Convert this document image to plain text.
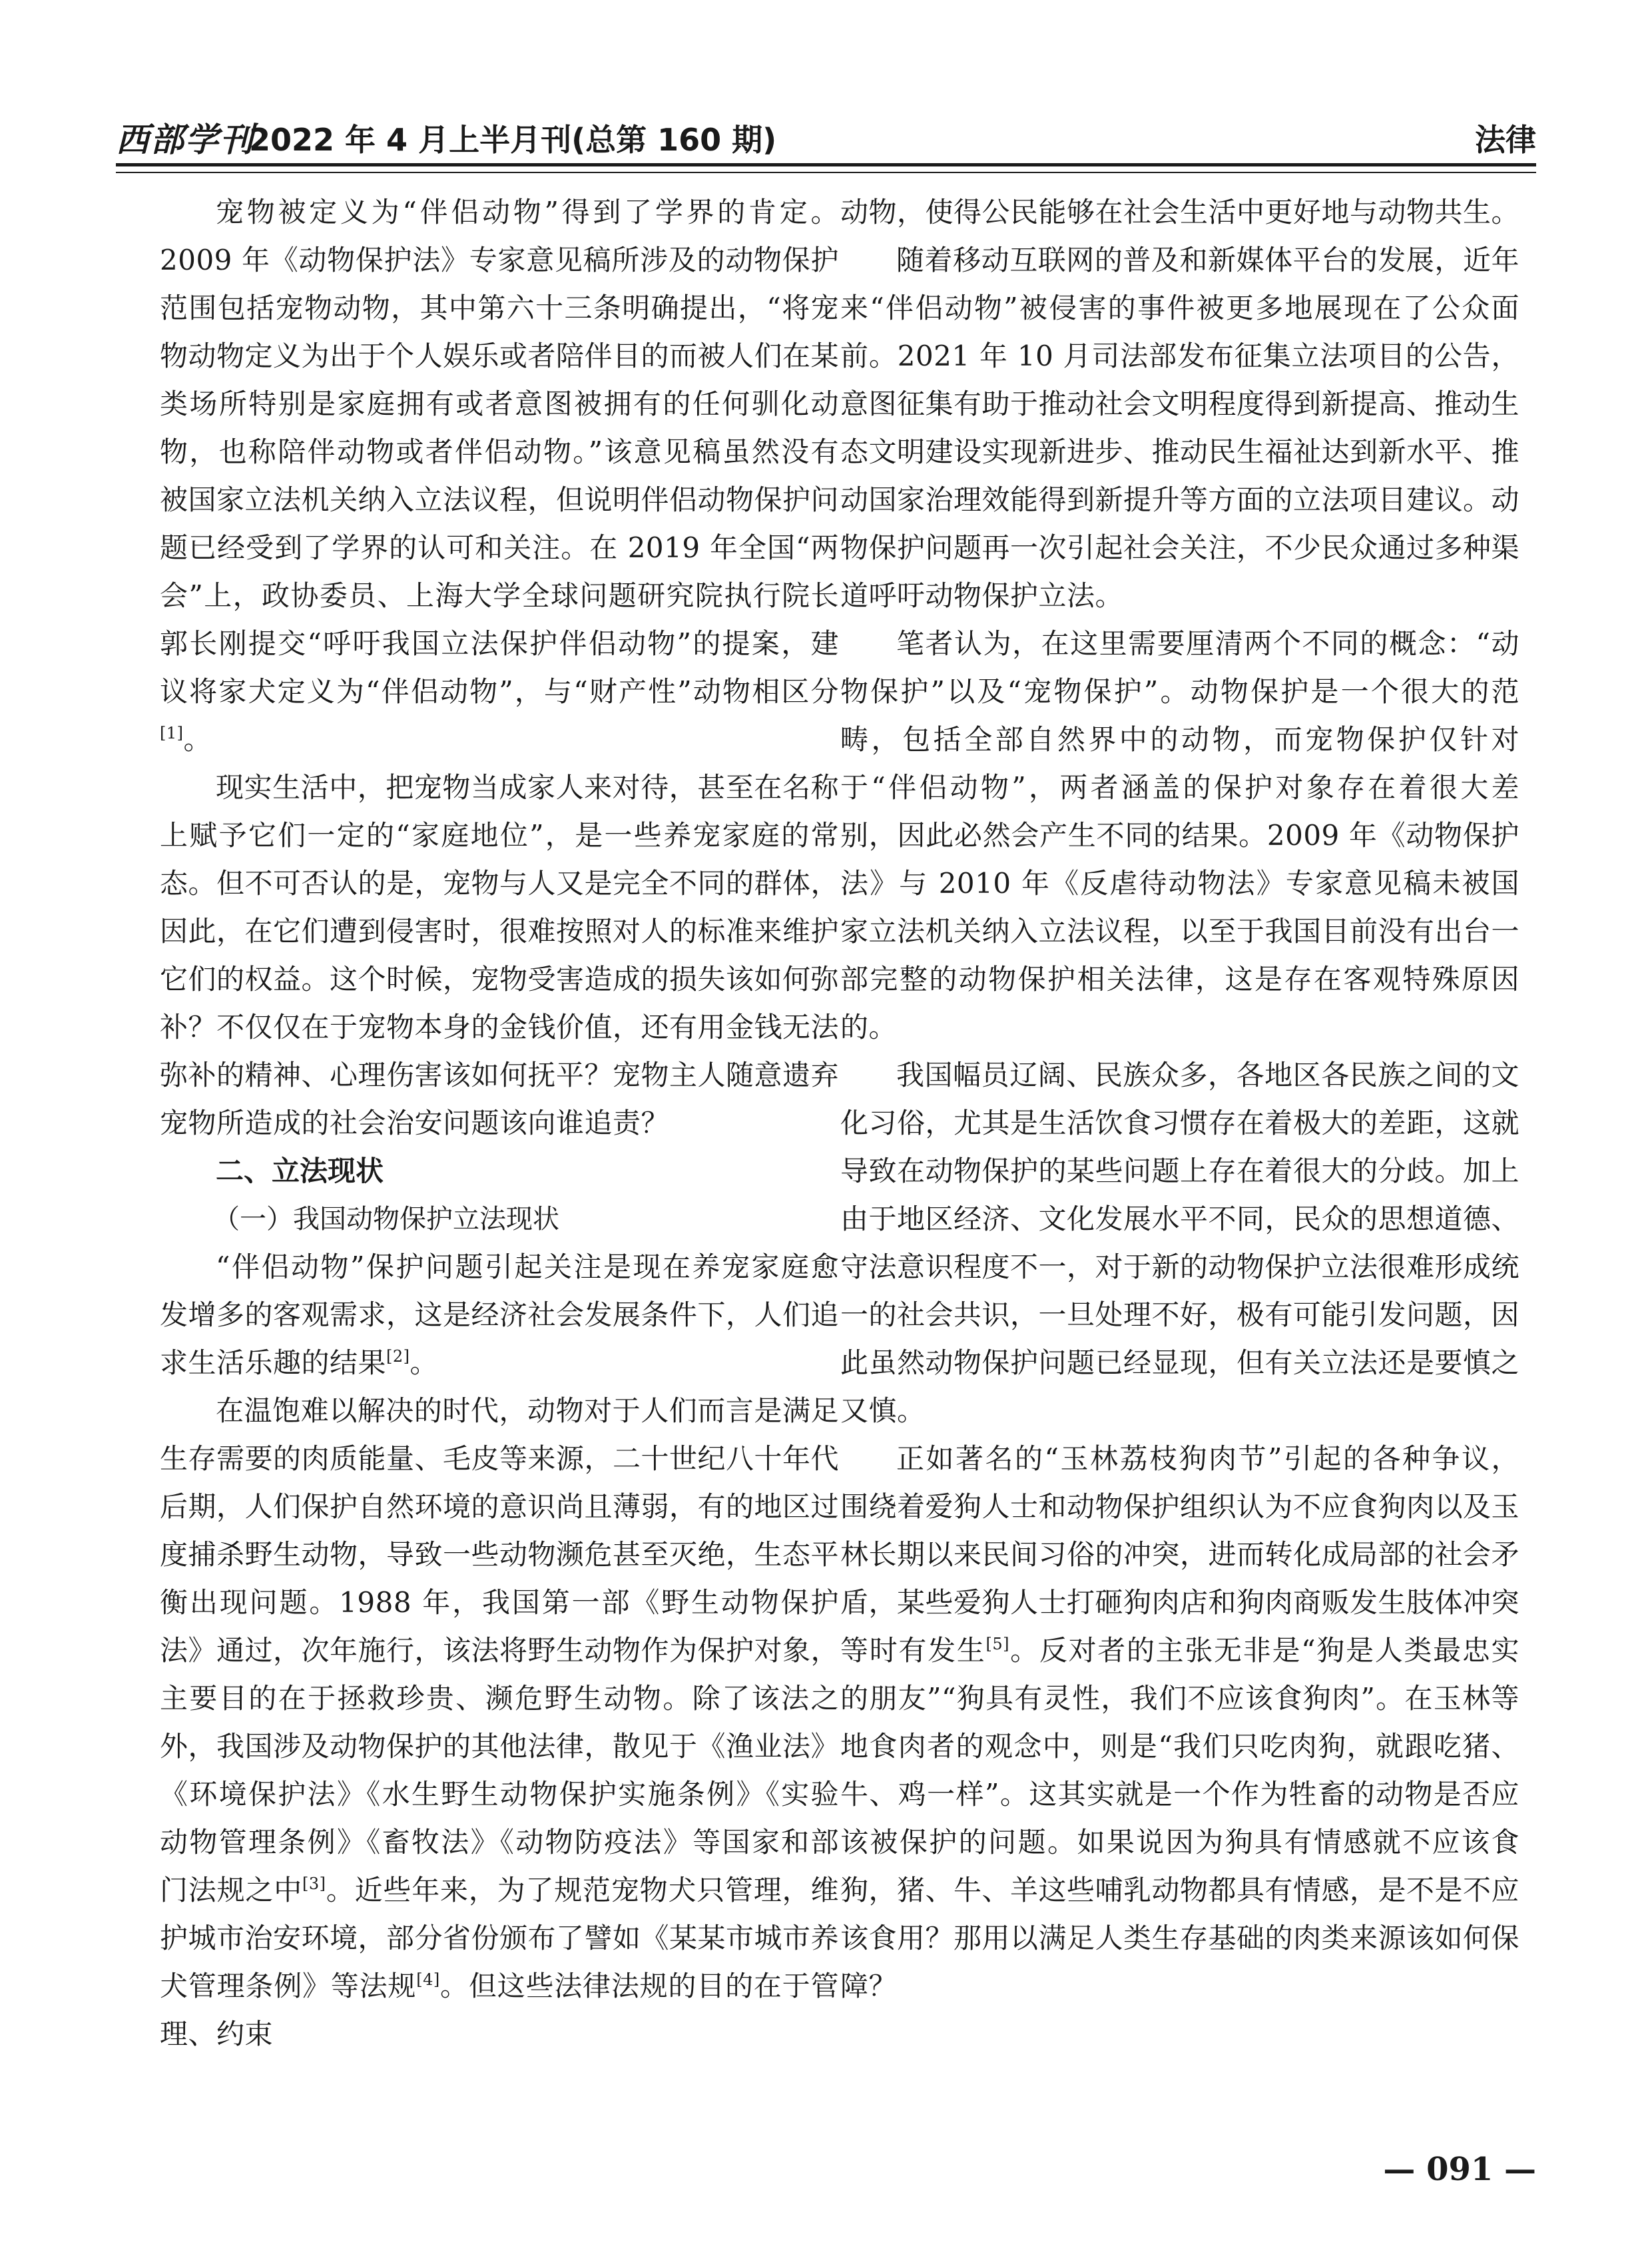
西部学刊
2022 年 4 月上半月刊(总第 160 期)	法律

宠物被定义为“伴侣动物”得到了学界的肯定。2009 年《动物保护法》专家意见稿所涉及的动物保护范围包括宠物动物，其中第六十三条明确提出，“将宠物动物定义为出于个人娱乐或者陪伴目的而被人们在某类场所特别是家庭拥有或者意图被拥有的任何驯化动物，也称陪伴动物或者伴侣动物。”该意见稿虽然没有被国家立法机关纳入立法议程，但说明伴侣动物保护问题已经受到了学界的认可和关注。在 2019 年全国“两会”上，政协委员、上海大学全球问题研究院执行院长郭长刚提交“呼吁我国立法保护伴侣动物”的提案，建议将家犬定义为“伴侣动物”，与“财产性”动物相区分[1]。

现实生活中，把宠物当成家人来对待，甚至在名称上赋予它们一定的“家庭地位”，是一些养宠家庭的常态。但不可否认的是，宠物与人又是完全不同的群体，因此，在它们遭到侵害时，很难按照对人的标准来维护它们的权益。这个时候，宠物受害造成的损失该如何弥补？不仅仅在于宠物本身的金钱价值，还有用金钱无法弥补的精神、心理伤害该如何抚平？宠物主人随意遗弃宠物所造成的社会治安问题该向谁追责？

二、立法现状
（一）我国动物保护立法现状

“伴侣动物”保护问题引起关注是现在养宠家庭愈发增多的客观需求，这是经济社会发展条件下，人们追求生活乐趣的结果[2]。

在温饱难以解决的时代，动物对于人们而言是满足生存需要的肉质能量、毛皮等来源，二十世纪八十年代后期，人们保护自然环境的意识尚且薄弱，有的地区过度捕杀野生动物，导致一些动物濒危甚至灭绝，生态平衡出现问题。1988 年，我国第一部《野生动物保护法》通过，次年施行，该法将野生动物作为保护对象，主要目的在于拯救珍贵、濒危野生动物。除了该法之外，我国涉及动物保护的其他法律，散见于《渔业法》《环境保护法》《水生野生动物保护实施条例》《实验动物管理条例》《畜牧法》《动物防疫法》等国家和部门法规之中[3]。近些年来，为了规范宠物犬只管理，维护城市治安环境，部分省份颁布了譬如《某某市城市养犬管理条例》等法规[4]。但这些法律法规的目的在于管理、约束

动物，使得公民能够在社会生活中更好地与动物共生。

随着移动互联网的普及和新媒体平台的发展，近年来“伴侣动物”被侵害的事件被更多地展现在了公众面前。2021 年 10 月司法部发布征集立法项目的公告，意图征集有助于推动社会文明程度得到新提高、推动生态文明建设实现新进步、推动民生福祉达到新水平、推动国家治理效能得到新提升等方面的立法项目建议。动物保护问题再一次引起社会关注，不少民众通过多种渠道呼吁动物保护立法。

笔者认为，在这里需要厘清两个不同的概念：“动物保护”以及“宠物保护”。动物保护是一个很大的范畴，包括全部自然界中的动物，而宠物保护仅针对于“伴侣动物”，两者涵盖的保护对象存在着很大差别，因此必然会产生不同的结果。2009 年《动物保护法》与 2010 年《反虐待动物法》专家意见稿未被国家立法机关纳入立法议程，以至于我国目前没有出台一部完整的动物保护相关法律，这是存在客观特殊原因的。

我国幅员辽阔、民族众多，各地区各民族之间的文化习俗，尤其是生活饮食习惯存在着极大的差距，这就导致在动物保护的某些问题上存在着很大的分歧。加上由于地区经济、文化发展水平不同，民众的思想道德、守法意识程度不一，对于新的动物保护立法很难形成统一的社会共识，一旦处理不好，极有可能引发问题，因此虽然动物保护问题已经显现，但有关立法还是要慎之又慎。

正如著名的“玉林荔枝狗肉节”引起的各种争议，围绕着爱狗人士和动物保护组织认为不应食狗肉以及玉林长期以来民间习俗的冲突，进而转化成局部的社会矛盾，某些爱狗人士打砸狗肉店和狗肉商贩发生肢体冲突等时有发生[5]。反对者的主张无非是“狗是人类最忠实的朋友”“狗具有灵性，我们不应该食狗肉”。在玉林等地食肉者的观念中，则是“我们只吃肉狗，就跟吃猪、牛、鸡一样”。这其实就是一个作为牲畜的动物是否应该被保护的问题。如果说因为狗具有情感就不应该食狗，猪、牛、羊这些哺乳动物都具有情感，是不是不应该食用？那用以满足人类生存基础的肉类来源该如何保障？

— 091 —
